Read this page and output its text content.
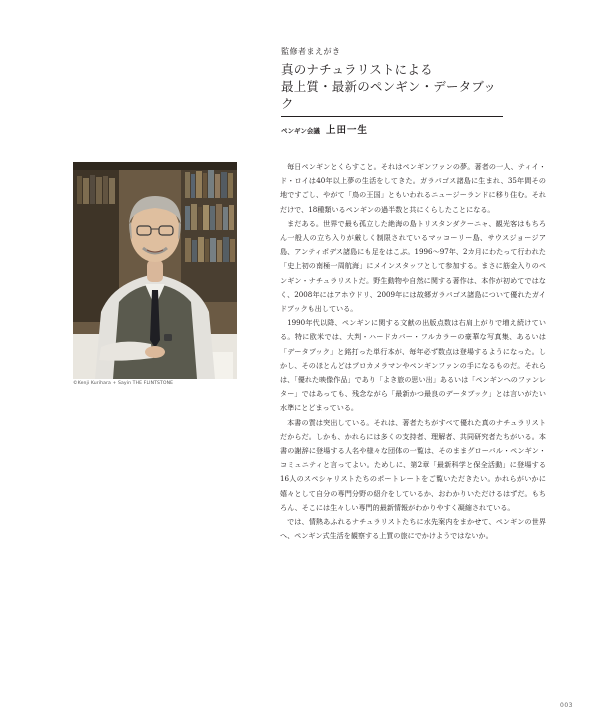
監修者まえがき
真のナチュラリストによる
最上質・最新のペンギン・データブック
ペンギン会議 上田一生
©Kenji Kurihara + Sayin THE FLINTSTONE

毎日ペンギンとくらすこと。それはペンギンファンの夢。著者の一人、ティイ・ド・ロイは40年以上夢の生活をしてきた。ガラパゴス諸島に生まれ、35年間その地ですごし、やがて「鳥の王国」ともいわれるニュージーランドに移り住む。それだけで、18種類いるペンギンの過半数と共にくらしたことになる。

まだある。世界で最も孤立した絶海の島トリスタンダクーニャ、観光客はもちろん一般人の立ち入りが厳しく制限されているマッコーリー島、サウスジョージア島、アンティポデス諸島にも足をはこぶ。1996～97年、2カ月にわたって行われた「史上初の南極一周航海」にメインスタッフとして参加する。まさに筋金入りのペンギン・ナチュラリストだ。野生動物や自然に関する著作は、本作が初めてではなく、2008年にはアホウドリ、2009年には故郷ガラパゴス諸島について優れたガイドブックも出している。

1990年代以降、ペンギンに関する文献の出版点数は右肩上がりで増え続けている。特に欧米では、大判・ハードカバー・フルカラーの豪華な写真集、あるいは「データブック」と銘打った単行本が、毎年必ず数点は登場するようになった。しかし、そのほとんどはプロカメラマンやペンギンファンの手になるものだ。それらは、「優れた映像作品」であり「よき旅の思い出」あるいは「ペンギンへのファンレター」ではあっても、残念ながら「最新かつ最良のデータブック」とは言いがたい水準にとどまっている。

本書の質は突出している。それは、著者たちがすべて優れた真のナチュラリストだからだ。しかも、かれらには多くの支持者、理解者、共同研究者たちがいる。本書の謝辞に登場する人名や様々な団体の一覧は、そのままグローバル・ペンギン・コミュニティと言ってよい。ためしに、第2章「最新科学と保全活動」に登場する16人のスペシャリストたちのポートレートをご覧いただきたい。かれらがいかに嬉々として自分の専門分野の紹介をしているか、おわかりいただけるはずだ。もちろん、そこには生々しい専門的最新情報がわかりやすく凝縮されている。

では、情熱あふれるナチュラリストたちに水先案内をまかせて、ペンギンの世界へ、ペンギン式生活を観察する上質の旅にでかけようではないか。

003
